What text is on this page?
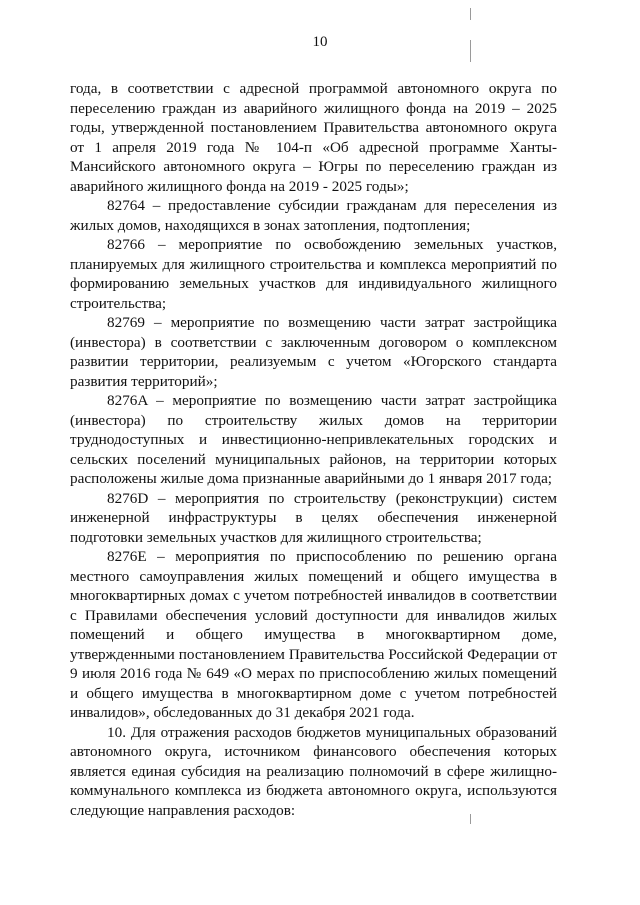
10

года, в соответствии с адресной программой автономного округа по переселению граждан из аварийного жилищного фонда на 2019 – 2025 годы, утвержденной постановлением Правительства автономного округа от 1 апреля 2019 года № 104-п «Об адресной программе Ханты-Мансийского автономного округа – Югры по переселению граждан из аварийного жилищного фонда на 2019 - 2025 годы»;

82764 – предоставление субсидии гражданам для переселения из жилых домов, находящихся в зонах затопления, подтопления;

82766 – мероприятие по освобождению земельных участков, планируемых для жилищного строительства и комплекса мероприятий по формированию земельных участков для индивидуального жилищного строительства;

82769 – мероприятие по возмещению части затрат застройщика (инвестора) в соответствии с заключенным договором о комплексном развитии территории, реализуемым с учетом «Югорского стандарта развития территорий»;

8276A – мероприятие по возмещению части затрат застройщика (инвестора) по строительству жилых домов на территории труднодоступных и инвестиционно-непривлекательных городских и сельских поселений муниципальных районов, на территории которых расположены жилые дома признанные аварийными до 1 января 2017 года;

8276D – мероприятия по строительству (реконструкции) систем инженерной инфраструктуры в целях обеспечения инженерной подготовки земельных участков для жилищного строительства;

8276E – мероприятия по приспособлению по решению органа местного самоуправления жилых помещений и общего имущества в многоквартирных домах с учетом потребностей инвалидов в соответствии с Правилами обеспечения условий доступности для инвалидов жилых помещений и общего имущества в многоквартирном доме, утвержденными постановлением Правительства Российской Федерации от 9 июля 2016 года № 649 «О мерах по приспособлению жилых помещений и общего имущества в многоквартирном доме с учетом потребностей инвалидов», обследованных до 31 декабря 2021 года.

10. Для отражения расходов бюджетов муниципальных образований автономного округа, источником финансового обеспечения которых является единая субсидия на реализацию полномочий в сфере жилищно-коммунального комплекса из бюджета автономного округа, используются следующие направления расходов:
